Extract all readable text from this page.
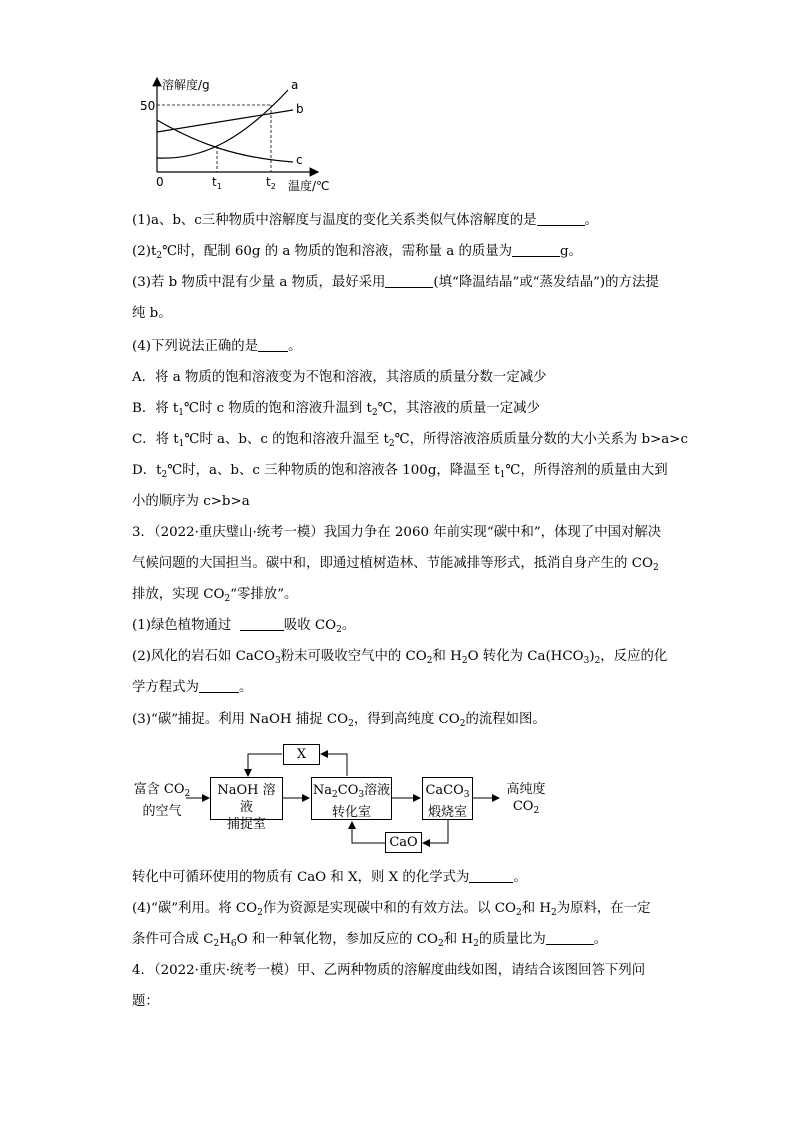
溶解度/g
50
0	温度/℃
$t_1$	$t_2$
a
b
c
(1)a、b、c三种物质中溶解度与温度的变化关系类似气体溶解度的是	。
$(2)t_2℃$时，配制 60g 的 a 物质的饱和溶液，需称量 a 的质量为	g。
(3)若 b 物质中混有少量 a 物质，最好采用	(填“降温结晶”或“蒸发结晶”)的方法提
纯 b。
(4)下列说法正确的是 。
A．将 a 物质的饱和溶液变为不饱和溶液，其溶质的质量分数一定减少
B．将 $t_1℃$时 c 物质的饱和溶液升温到 $t_2℃$，其溶液的质量一定减少
C．将 $t_1℃$时 a、b、c 的饱和溶液升温至 $t_2℃$，所得溶液溶质质量分数的大小关系为 b>a>c
D．$t_2℃$时，a、b、c 三种物质的饱和溶液各 100g，降温至 $t_1℃$，所得溶剂的质量由大到
小的顺序为 c>b>a
3．（2022·重庆璧山·统考一模）我国力争在 2060 年前实现“碳中和”，体现了中国对解决
气候问题的大国担当。碳中和，即通过植树造林、节能减排等形式，抵消自身产生的 $CO_2$
排放，实现 $CO_2“$零排放”。
(1)绿色植物通过	吸收 $CO_2$。
(2)风化的岩石如 CaCO$_3$粉末可吸收空气中的 $CO_2$和 $H_2O$ 转化为 $Ca(HCO_3)_2$，反应的化
学方程式为	。
(3)“碳”捕捉。利用 NaOH 捕捉 $CO_2$，得到高纯度 $CO_2$的流程如图。
富含 $CO_2$
的空气
NaOH 溶液
捕捉室
$Na_2CO_3$溶液
转化室
CaCO$_3$
煅烧室
高纯度
$CO_2$
X
CaO
转化中可循环使用的物质有 CaO 和 X，则 X 的化学式为	。
(4)“碳”利用。将 $CO_2$作为资源是实现碳中和的有效方法。以 $CO_2$和 $H_2$为原料，在一定
条件可合成 $C_2H_6O$ 和一种氧化物，参加反应的 $CO_2$和 $H_2$的质量比为	。
4．（2022·重庆·统考一模）甲、乙两种物质的溶解度曲线如图，请结合该图回答下列问
题：
